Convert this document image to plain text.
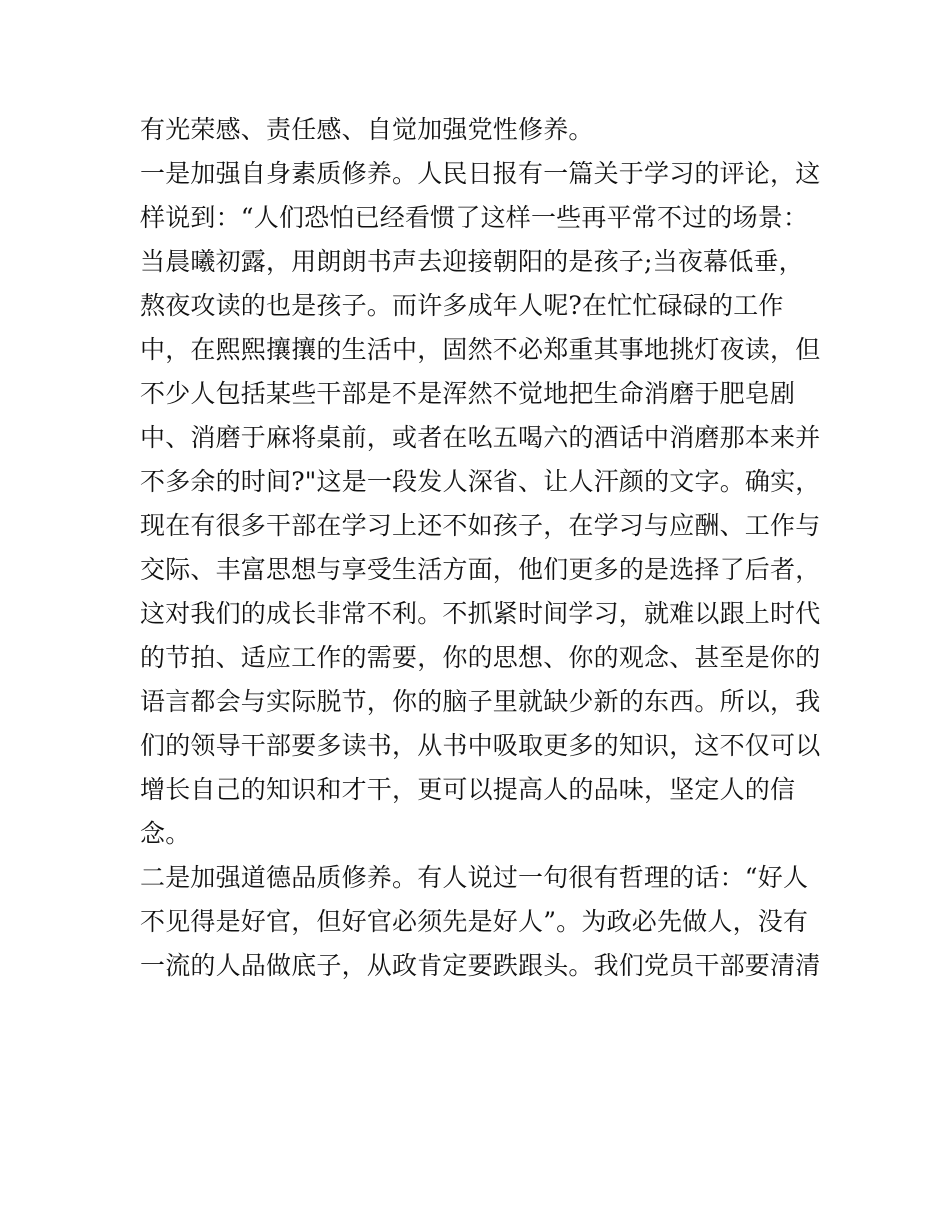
有光荣感、责任感、自觉加强党性修养。
一是加强自身素质修养。人民日报有一篇关于学习的评论，这
样说到：“人们恐怕已经看惯了这样一些再平常不过的场景：
当晨曦初露，用朗朗书声去迎接朝阳的是孩子;当夜幕低垂，
熬夜攻读的也是孩子。而许多成年人呢?在忙忙碌碌的工作
中，在熙熙攘攘的生活中，固然不必郑重其事地挑灯夜读，但
不少人包括某些干部是不是浑然不觉地把生命消磨于肥皂剧
中、消磨于麻将桌前，或者在吆五喝六的酒话中消磨那本来并
不多余的时间?"这是一段发人深省、让人汗颜的文字。确实，
现在有很多干部在学习上还不如孩子，在学习与应酬、工作与
交际、丰富思想与享受生活方面，他们更多的是选择了后者，
这对我们的成长非常不利。不抓紧时间学习，就难以跟上时代
的节拍、适应工作的需要，你的思想、你的观念、甚至是你的
语言都会与实际脱节，你的脑子里就缺少新的东西。所以，我
们的领导干部要多读书，从书中吸取更多的知识，这不仅可以
增长自己的知识和才干，更可以提高人的品味，坚定人的信
念。
二是加强道德品质修养。有人说过一句很有哲理的话：“好人
不见得是好官，但好官必须先是好人”。为政必先做人，没有
一流的人品做底子，从政肯定要跌跟头。我们党员干部要清清
